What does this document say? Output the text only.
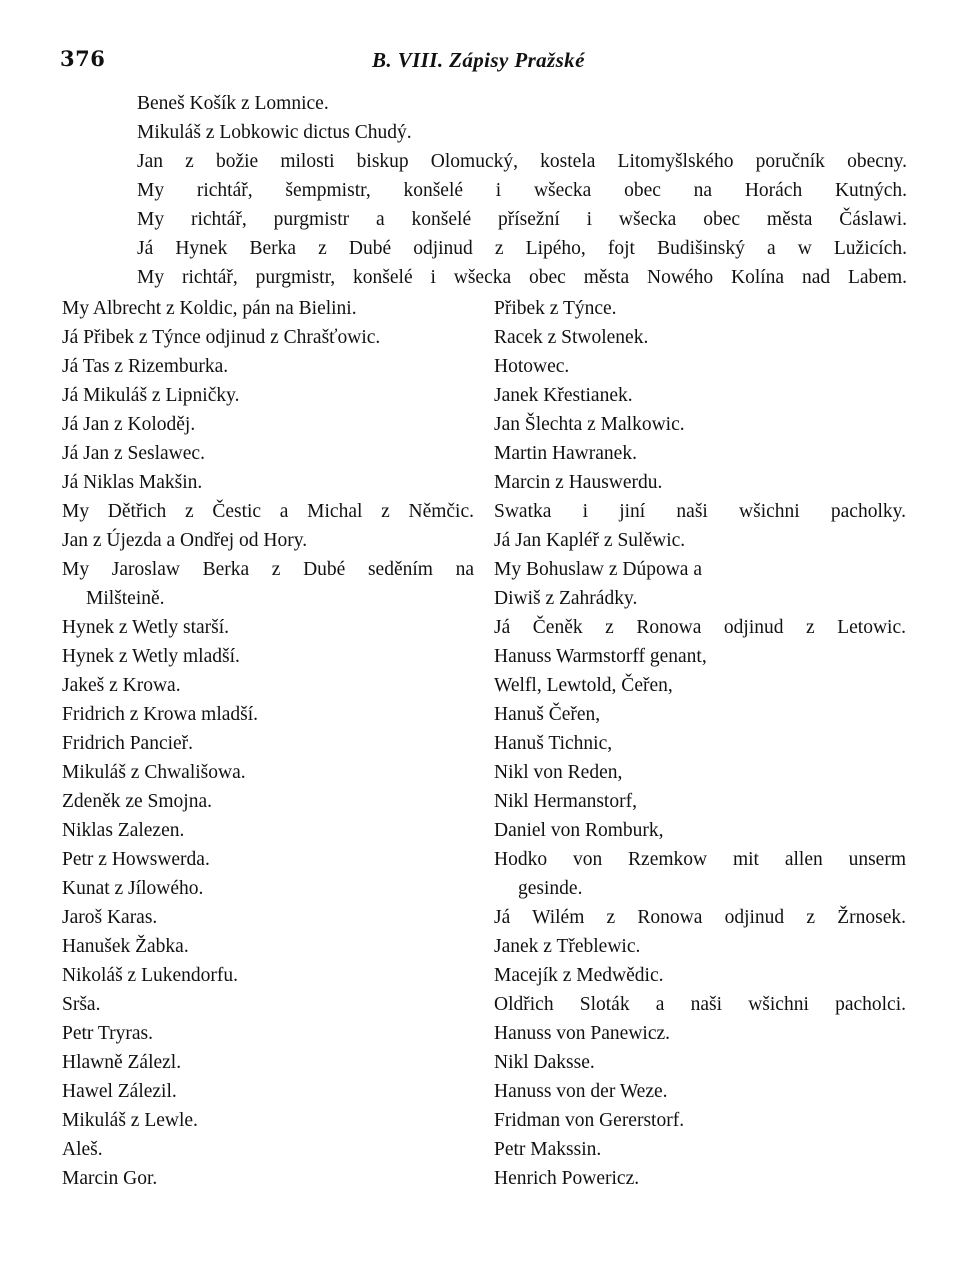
376	B. VIII. Zápisy Pražské
Beneš Košík z Lomnice.
Mikuláš z Lobkowic dictus Chudý.
Jan z božie milosti biskup Olomucký, kostela Litomyšlského poručník obecny.
My richtář, šempmistr, konšelé i wšecka obec na Horách Kutných.
My richtář, purgmistr a konšelé přísežní i wšecka obec města Čáslawi.
Já Hynek Berka z Dubé odjinud z Lipého, fojt Budišinský a w Lužicích.
My richtář, purgmistr, konšelé i wšecka obec města Nowého Kolína nad Labem.
My Albrecht z Koldic, pán na Bielini.
Já Přibek z Týnce odjinud z Chrašťowic.
Já Tas z Rizemburka.
Já Mikuláš z Lipničky.
Já Jan z Koloděj.
Já Jan z Seslawec.
Já Niklas Makšin.
My Dětřich z Čestic a Michal z Němčic.
Jan z Újezda a Ondřej od Hory.
My Jaroslaw Berka z Dubé seděním na
Milšteině.
Hynek z Wetly starší.
Hynek z Wetly mladší.
Jakeš z Krowa.
Fridrich z Krowa mladší.
Fridrich Pancieř.
Mikuláš z Chwališowa.
Zdeněk ze Smojna.
Niklas Zalezen.
Petr z Howswerda.
Kunat z Jílowého.
Jaroš Karas.
Hanušek Žabka.
Nikoláš z Lukendorfu.
Srša.
Petr Tryras.
Hlawně Zálezl.
Hawel Zálezil.
Mikuláš z Lewle.
Aleš.
Marcin Gor.
Přibek z Týnce.
Racek z Stwolenek.
Hotowec.
Janek Křestianek.
Jan Šlechta z Malkowic.
Martin Hawranek.
Marcin z Hauswerdu.
Swatka i jiní naši wšichni pacholky.
Já Jan Kapléř z Sulěwic.
My Bohuslaw z Dúpowa a
Diwiš z Zahrádky.
Já Čeněk z Ronowa odjinud z Letowic.
Hanuss Warmstorff genant,
Welfl, Lewtold, Čeřen,
Hanuš Čeřen,
Hanuš Tichnic,
Nikl von Reden,
Nikl Hermanstorf,
Daniel von Romburk,
Hodko von Rzemkow mit allen unserm
gesinde.
Já Wilém z Ronowa odjinud z Žrnosek.
Janek z Třeblewic.
Macejík z Medwědic.
Oldřich Sloták a naši wšichni pacholci.
Hanuss von Panewicz.
Nikl Daksse.
Hanuss von der Weze.
Fridman von Gererstorf.
Petr Makssin.
Henrich Powericz.
